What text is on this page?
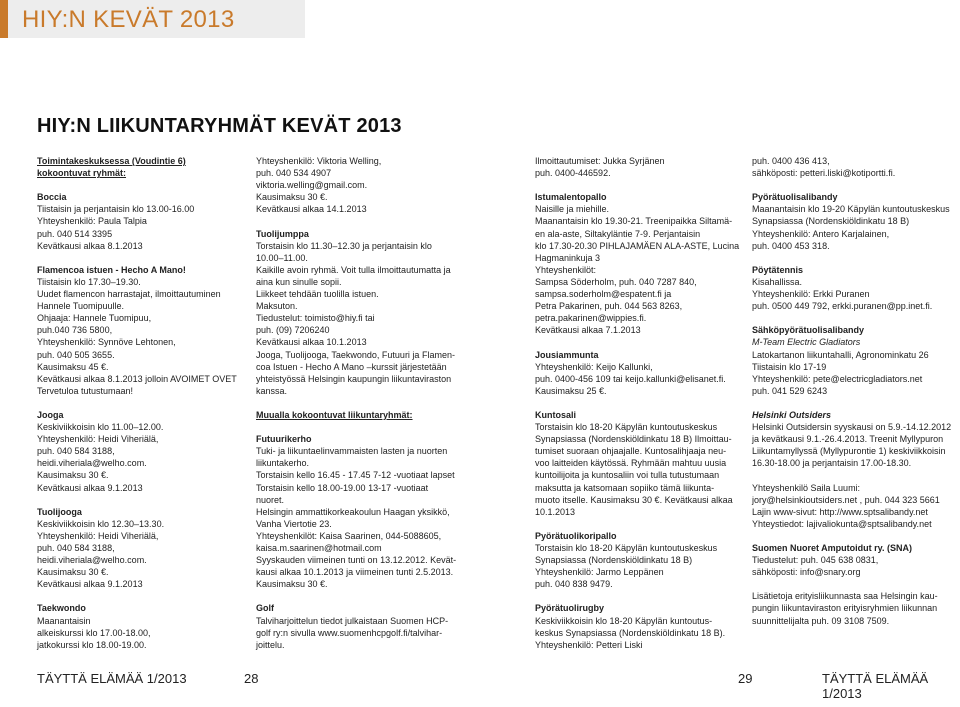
HIY:N KEVÄT 2013
HIY:N LIIKUNTARYHMÄT KEVÄT 2013
Toimintakeskuksessa (Voudintie 6)
kokoontuvat ryhmät:
Boccia
Tiistaisin ja perjantaisin klo 13.00-16.00
Yhteyshenkilö: Paula Talpia
puh. 040 514 3395
Kevätkausi alkaa 8.1.2013
Flamencoa istuen - Hecho A Mano!
Tiistaisin klo 17.30–19.30.
Uudet flamencon harrastajat, ilmoittautuminen
Hannele Tuomipuulle.
Ohjaaja: Hannele Tuomipuu,
puh.040 736 5800,
Yhteyshenkilö: Synnöve Lehtonen,
puh. 040 505 3655.
Kausimaksu 45 €.
Kevätkausi alkaa 8.1.2013 jolloin AVOIMET OVET
Tervetuloa tutustumaan!
Jooga
Keskiviikkoisin klo 11.00–12.00.
Yhteyshenkilö: Heidi Viheriälä,
puh. 040 584 3188,
heidi.viheriala@welho.com.
Kausimaksu 30 €.
Kevätkausi alkaa 9.1.2013
Tuolijooga
Keskiviikkoisin klo 12.30–13.30.
Yhteyshenkilö: Heidi Viheriälä,
puh. 040 584 3188,
heidi.viheriala@welho.com.
Kausimaksu 30 €.
Kevätkausi alkaa 9.1.2013
Taekwondo
Maanantaisin
alkeiskurssi klo 17.00-18.00,
jatkokurssi klo 18.00-19.00.
Yhteyshenkilö: Viktoria Welling,
puh. 040 534 4907
viktoria.welling@gmail.com.
Kausimaksu 30 €.
Kevätkausi alkaa 14.1.2013
Tuolijumppa
Torstaisin klo 11.30–12.30 ja perjantaisin klo
10.00–11.00.
Kaikille avoin ryhmä. Voit tulla ilmoittautumatta ja
aina kun sinulle sopii.
Liikkeet tehdään tuolilla istuen.
Maksuton.
Tiedustelut: toimisto@hiy.fi tai
puh. (09) 7206240
Kevätkausi alkaa 10.1.2013
Jooga, Tuolijooga, Taekwondo, Futuuri ja Flamen-
coa Istuen - Hecho A Mano –kurssit järjestetään
yhteistyössä Helsingin kaupungin liikuntaviraston
kanssa.
Muualla kokoontuvat liikuntaryhmät:
Futuurikerho
Tuki- ja liikuntaelinvammaisten lasten ja nuorten
liikuntakerho.
Torstaisin kello 16.45 - 17.45 7-12 -vuotiaat lapset
Torstaisin kello 18.00-19.00 13-17 -vuotiaat
nuoret.
Helsingin ammattikorkeakoulun Haagan yksikkö,
Vanha Viertotie 23.
Yhteyshenkilöt: Kaisa Saarinen, 044-5088605,
kaisa.m.saarinen@hotmail.com
Syyskauden viimeinen tunti on 13.12.2012. Kevät-
kausi alkaa 10.1.2013 ja viimeinen tunti 2.5.2013.
Kausimaksu 30 €.
Golf
Talviharjoittelun tiedot julkaistaan Suomen HCP-
golf ry:n sivulla www.suomenhcpgolf.fi/talvihar-
joittelu.
Ilmoittautumiset: Jukka Syrjänen
puh. 0400-446592.
Istumalentopallo
Naisille ja miehille.
Maanantaisin klo 19.30-21. Treenipaikka Siltamä-
en ala-aste, Siltakyläntie 7-9. Perjantaisin
klo 17.30-20.30 PIHLAJAMÄEN ALA-ASTE, Lucina
Hagmaninkuja 3
Yhteyshenkilöt:
Sampsa Söderholm, puh. 040 7287 840,
sampsa.soderholm@espatent.fi ja
Petra Pakarinen, puh. 044 563 8263,
petra.pakarinen@wippies.fi.
Kevätkausi alkaa 7.1.2013
Jousiammunta
Yhteyshenkilö: Keijo Kallunki,
puh. 0400-456 109 tai keijo.kallunki@elisanet.fi.
Kausimaksu 25 €.
Kuntosali
Torstaisin klo 18-20 Käpylän kuntoutuskeskus
Synapsiassa (Nordenskiöldinkatu 18 B) Ilmoittau-
tumiset suoraan ohjaajalle. Kuntosalihjaaja neu-
voo laitteiden käytössä. Ryhmään mahtuu uusia
kuntoilijoita ja kuntosaliin voi tulla tutustumaan
maksutta ja katsomaan sopiiko tämä liikunta-
muoto itselle. Kausimaksu 30 €. Kevätkausi alkaa
10.1.2013
Pyörätuolikoripallo
Torstaisin klo 18-20 Käpylän kuntoutuskeskus
Synapsiassa (Nordenskiöldinkatu 18 B)
Yhteyshenkilö: Jarmo Leppänen
puh. 040 838 9479.
Pyörätuolirugby
Keskiviikkoisin klo 18-20 Käpylän kuntoutus-
keskus Synapsiassa (Nordenskiöldinkatu 18 B).
Yhteyshenkilö: Petteri Liski
puh. 0400 436 413,
sähköposti: petteri.liski@kotiportti.fi.
Pyörätuolisalibandy
Maanantaisin klo 19-20 Käpylän kuntoutuskeskus
Synapsiassa (Nordenskiöldinkatu 18 B)
Yhteyshenkilö: Antero Karjalainen,
puh. 0400 453 318.
Pöytätennis
Kisahallissa.
Yhteyshenkilö: Erkki Puranen
puh. 0500 449 792, erkki.puranen@pp.inet.fi.
Sähköpyörätuolisalibandy
M-Team Electric Gladiators
Latokartanon liikuntahalli, Agronominkatu 26
Tiistaisin klo 17-19
Yhteyshenkilö: pete@electricgladiators.net
puh. 041 529 6243
Helsinki Outsiders
Helsinki Outsidersin syyskausi on 5.9.-14.12.2012
ja kevätkausi 9.1.-26.4.2013. Treenit Myllypuron
Liikuntamyllyssä (Myllypurontie 1) keskiviikkoisin
16.30-18.00 ja perjantaisin 17.00-18.30.
Yhteyshenkilö Saila Luumi:
jory@helsinkioutsiders.net , puh. 044 323 5661
Lajin www-sivut: http://www.sptsalibandy.net
Yhteystiedot: lajivaliokunta@sptsalibandy.net
Suomen Nuoret Amputoidut ry. (SNA)
Tiedustelut: puh. 045 638 0831,
sähköposti: info@snary.org
Lisätietoja erityisliikunnasta saa Helsingin kau-
pungin liikuntaviraston erityisryhmien liikunnan
suunnittelijalta puh. 09 3108 7509.
TÄYTTÄ ELÄMÄÄ 1/2013	28	29	TÄYTTÄ ELÄMÄÄ 1/2013
